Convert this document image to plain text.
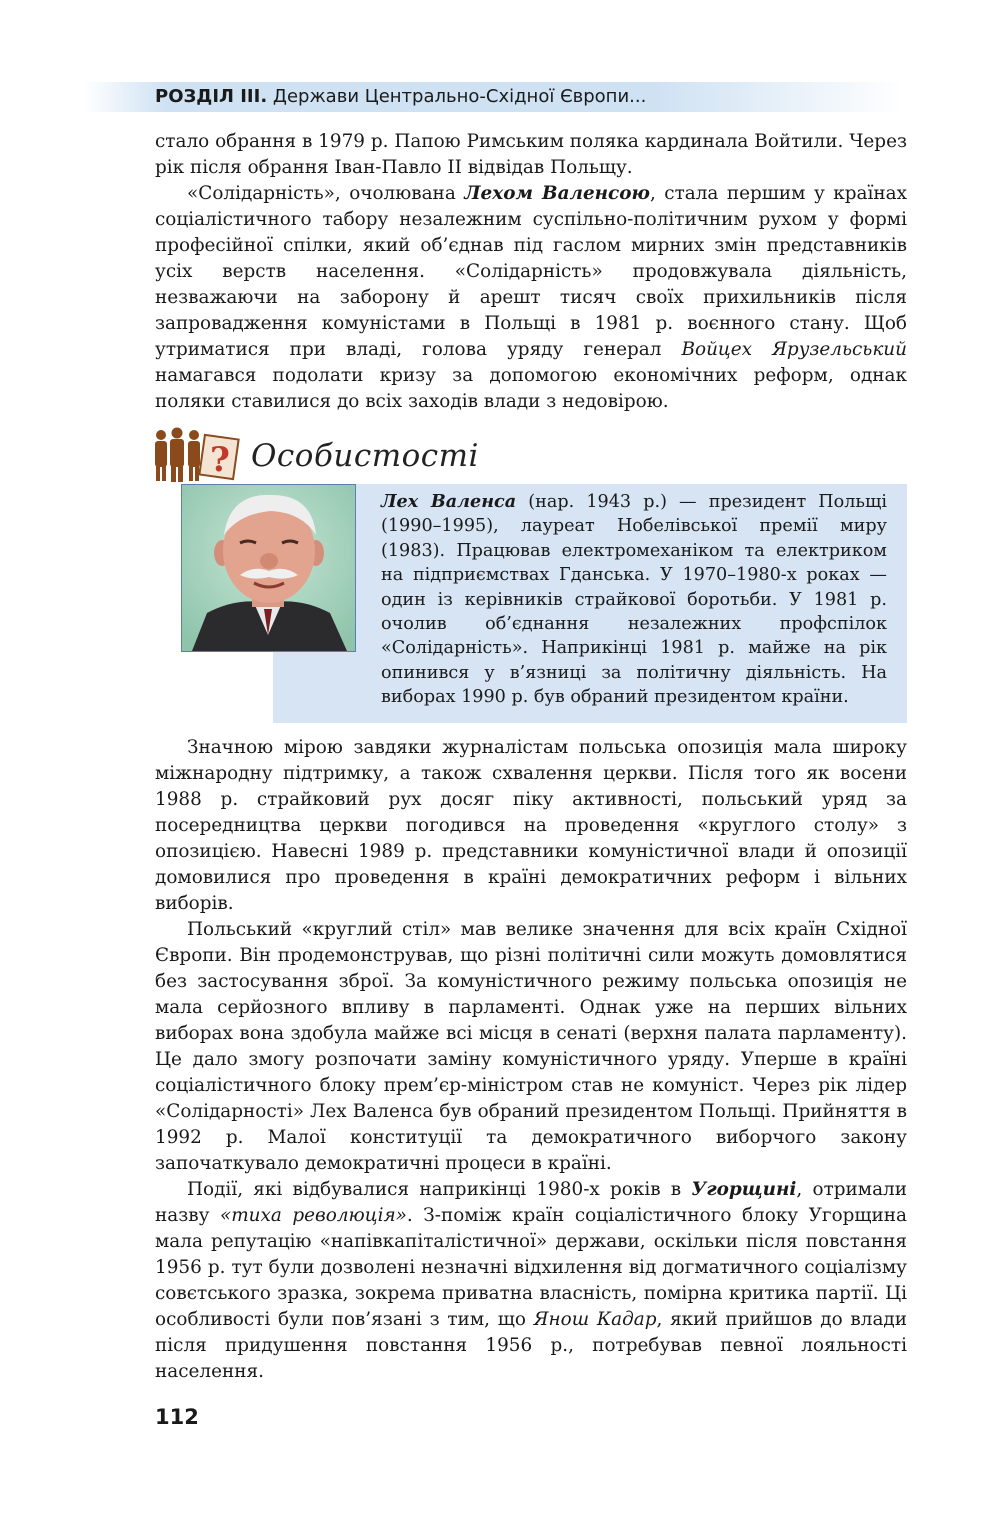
РОЗДІЛ III. Держави Центрально-Східної Європи...

стало обрання в 1979 р. Папою Римським поляка кардинала Войтили. Через рік після обрання Іван-Павло ІІ відвідав Польщу.

«Солідарність», очолювана Лехом Валенсою, стала першим у країнах соціалістичного табору незалежним суспільно-політичним рухом у формі професійної спілки, який об’єднав під гаслом мирних змін представників усіх верств населення. «Солідарність» продовжувала діяльність, незважаючи на заборону й арешт тисяч своїх прихильників після запровадження комуністами в Польщі в 1981 р. воєнного стану. Щоб утриматися при владі, голова уряду генерал Войцех Ярузельський намагався подолати кризу за допомогою економічних реформ, однак поляки ставилися до всіх заходів влади з недовірою.

? Особистості
Лех Валенса (нар. 1943 р.) — президент Польщі (1990–1995), лауреат Нобелівської премії миру (1983). Працював електромеханіком та електриком на підприємствах Гданська. У 1970–1980-х роках — один із керівників страйкової боротьби. У 1981 р. очолив об’єднання незалежних профспілок «Солідарність». Наприкінці 1981 р. майже на рік опинився у в’язниці за політичну діяльність. На виборах 1990 р. був обраний президентом країни.

Значною мірою завдяки журналістам польська опозиція мала широку міжнародну підтримку, а також схвалення церкви. Після того як восени 1988 р. страйковий рух досяг піку активності, польський уряд за посередництва церкви погодився на проведення «круглого столу» з опозицією. Навесні 1989 р. представники комуністичної влади й опозиції домовилися про проведення в країні демократичних реформ і вільних виборів.

Польський «круглий стіл» мав велике значення для всіх країн Східної Європи. Він продемонстрував, що різні політичні сили можуть домовлятися без застосування зброї. За комуністичного режиму польська опозиція не мала серйозного впливу в парламенті. Однак уже на перших вільних виборах вона здобула майже всі місця в сенаті (верхня палата парламенту). Це дало змогу розпочати заміну комуністичного уряду. Уперше в країні соціалістичного блоку прем’єр-міністром став не комуніст. Через рік лідер «Солідарності» Лех Валенса був обраний президентом Польщі. Прийняття в 1992 р. Малої конституції та демократичного виборчого закону започаткувало демократичні процеси в країні.

Події, які відбувалися наприкінці 1980-х років в Угорщині, отримали назву «тиха революція». З-поміж країн соціалістичного блоку Угорщина мала репутацію «напівкапіталістичної» держави, оскільки після повстання 1956 р. тут були дозволені незначні відхилення від догматичного соціалізму совєтського зразка, зокрема приватна власність, помірна критика партії. Ці особливості були пов’язані з тим, що Янош Кадар, який прийшов до влади після придушення повстання 1956 р., потребував певної лояльності населення.

112
